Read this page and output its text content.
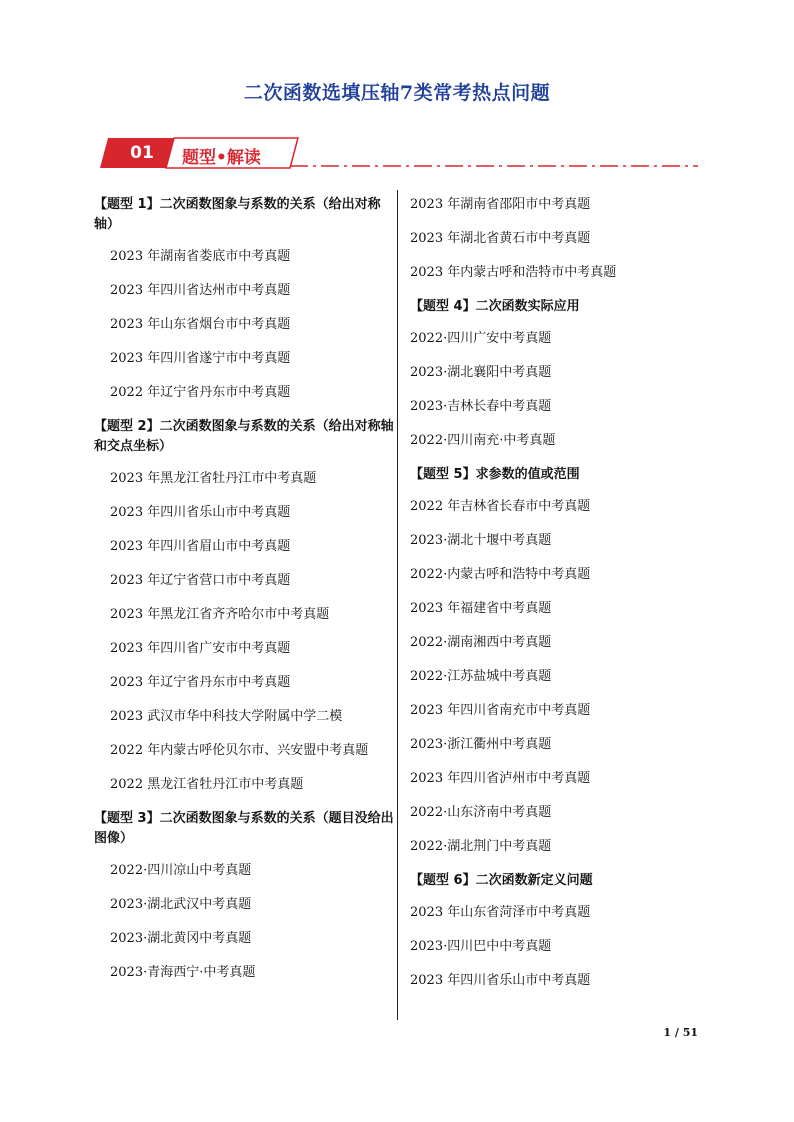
二次函数选填压轴7类常考热点问题
01	题型•解读
【题型 1】二次函数图象与系数的关系（给出对称轴）
2023 年湖南省娄底市中考真题
2023 年四川省达州市中考真题
2023 年山东省烟台市中考真题
2023 年四川省遂宁市中考真题
2022 年辽宁省丹东市中考真题
【题型 2】二次函数图象与系数的关系（给出对称轴和交点坐标）
2023 年黑龙江省牡丹江市中考真题
2023 年四川省乐山市中考真题
2023 年四川省眉山市中考真题
2023 年辽宁省营口市中考真题
2023 年黑龙江省齐齐哈尔市中考真题
2023 年四川省广安市中考真题
2023 年辽宁省丹东市中考真题
2023 武汉市华中科技大学附属中学二模
2022 年内蒙古呼伦贝尔市、兴安盟中考真题
2022 黑龙江省牡丹江市中考真题
【题型 3】二次函数图象与系数的关系（题目没给出图像）
2022·四川凉山中考真题
2023·湖北武汉中考真题
2023·湖北黄冈中考真题
2023·青海西宁·中考真题
2023 年湖南省邵阳市中考真题
2023 年湖北省黄石市中考真题
2023 年内蒙古呼和浩特市中考真题
【题型 4】二次函数实际应用
2022·四川广安中考真题
2023·湖北襄阳中考真题
2023·吉林长春中考真题
2022·四川南充·中考真题
【题型 5】求参数的值或范围
2022 年吉林省长春市中考真题
2023·湖北十堰中考真题
2022·内蒙古呼和浩特中考真题
2023 年福建省中考真题
2022·湖南湘西中考真题
2022·江苏盐城中考真题
2023 年四川省南充市中考真题
2023·浙江衢州中考真题
2023 年四川省泸州市中考真题
2022·山东济南中考真题
2022·湖北荆门中考真题
【题型 6】二次函数新定义问题
2023 年山东省菏泽市中考真题
2023·四川巴中中考真题
2023 年四川省乐山市中考真题
1 / 51
